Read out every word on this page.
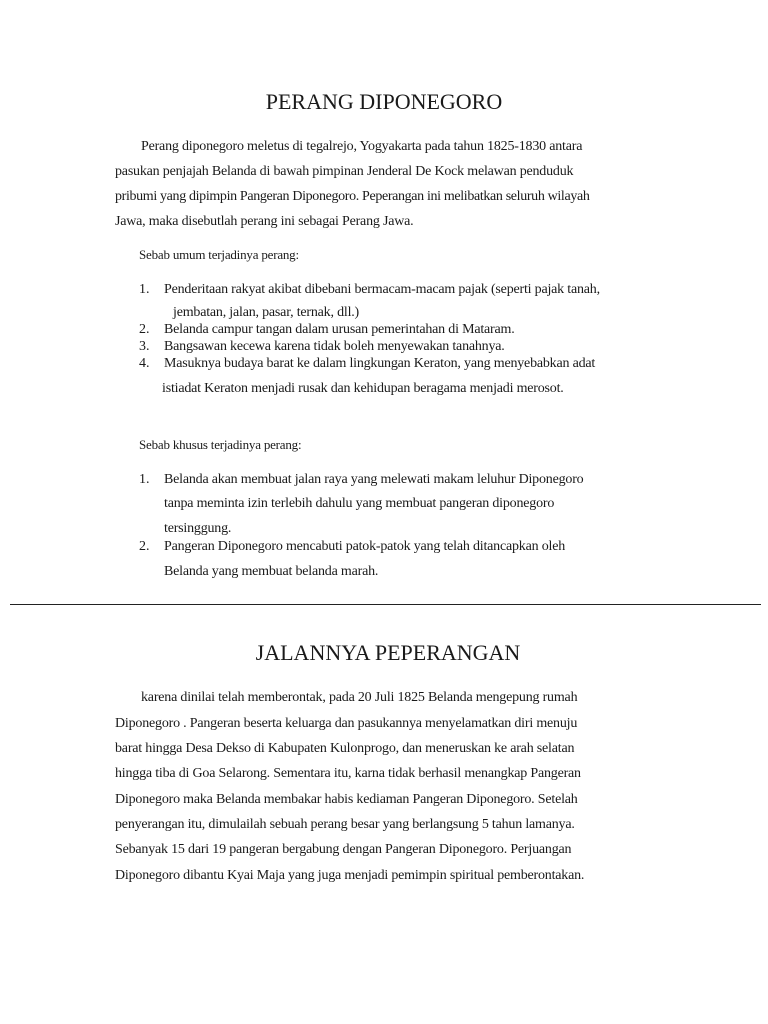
PERANG DIPONEGORO
Perang diponegoro meletus di tegalrejo, Yogyakarta pada tahun 1825-1830 antara
pasukan penjajah Belanda di bawah pimpinan Jenderal De Kock melawan penduduk
pribumi yang dipimpin Pangeran Diponegoro. Peperangan ini melibatkan seluruh wilayah
Jawa, maka disebutlah perang ini sebagai Perang Jawa.
Sebab umum terjadinya perang:
1. Penderitaan rakyat akibat dibebani bermacam-macam pajak (seperti pajak tanah,
jembatan, jalan, pasar, ternak, dll.)
2. Belanda campur tangan dalam urusan pemerintahan di Mataram.
3. Bangsawan kecewa karena tidak boleh menyewakan tanahnya.
4. Masuknya budaya barat ke dalam lingkungan Keraton, yang menyebabkan adat
istiadat Keraton menjadi rusak dan kehidupan beragama menjadi merosot.
Sebab khusus terjadinya perang:
1. Belanda akan membuat jalan raya yang melewati makam leluhur Diponegoro
tanpa meminta izin terlebih dahulu yang membuat pangeran diponegoro
tersinggung.
2. Pangeran Diponegoro mencabuti patok-patok yang telah ditancapkan oleh
Belanda yang membuat belanda marah.
JALANNYA PEPERANGAN
karena dinilai telah memberontak, pada 20 Juli 1825 Belanda mengepung rumah
Diponegoro . Pangeran beserta keluarga dan pasukannya menyelamatkan diri menuju
barat hingga Desa Dekso di Kabupaten Kulonprogo, dan meneruskan ke arah selatan
hingga tiba di Goa Selarong. Sementara itu, karna tidak berhasil menangkap Pangeran
Diponegoro maka Belanda membakar habis kediaman Pangeran Diponegoro. Setelah
penyerangan itu, dimulailah sebuah perang besar yang berlangsung 5 tahun lamanya.
Sebanyak 15 dari 19 pangeran bergabung dengan Pangeran Diponegoro. Perjuangan
Diponegoro dibantu Kyai Maja yang juga menjadi pemimpin spiritual pemberontakan.
